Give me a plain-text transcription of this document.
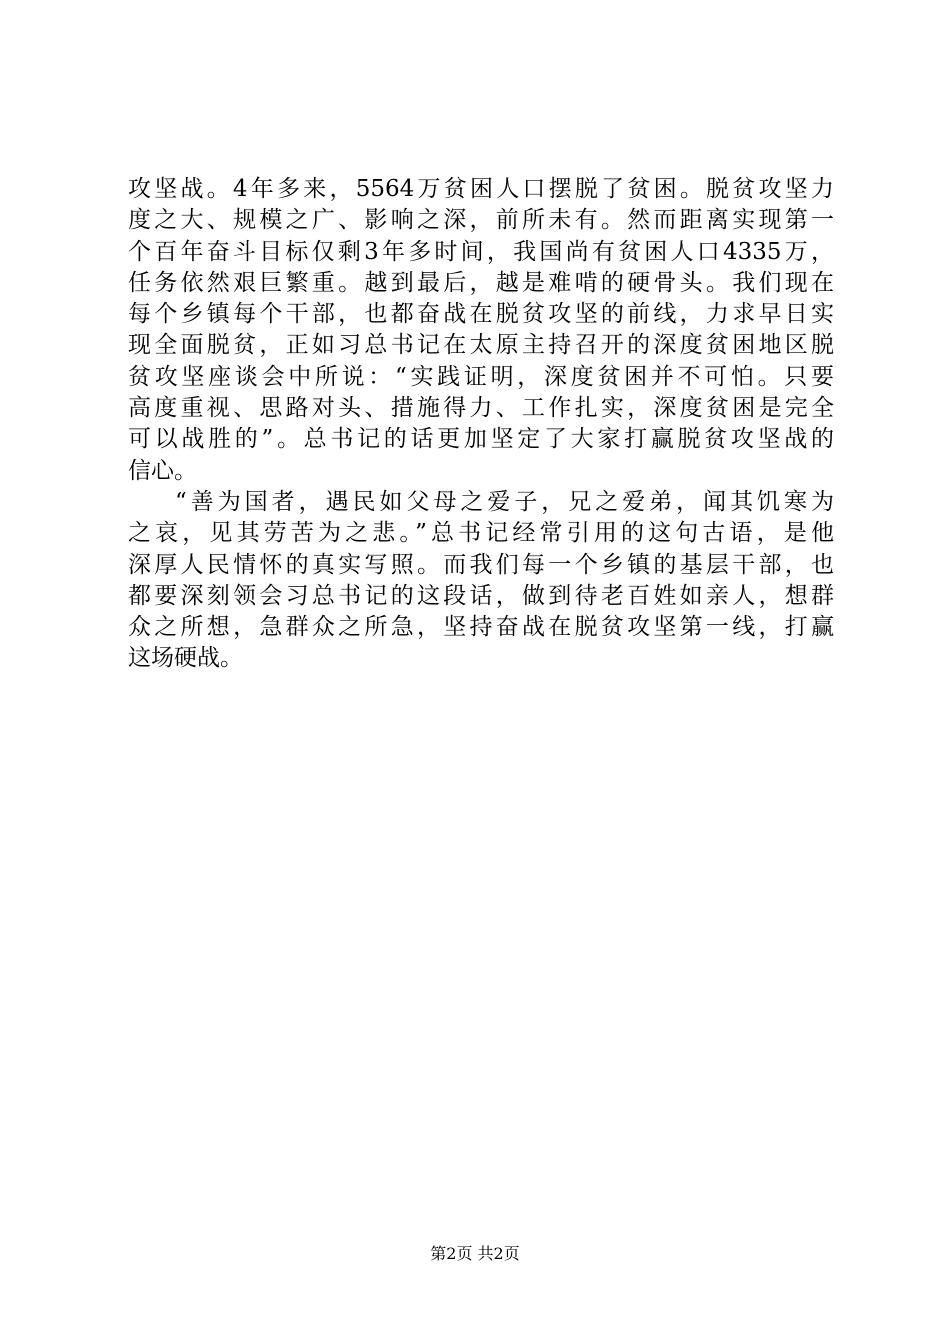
攻坚战。4年多来，5564万贫困人口摆脱了贫困。脱贫攻坚力
度之大、规模之广、影响之深，前所未有。然而距离实现第一
个百年奋斗目标仅剩3年多时间，我国尚有贫困人口4335万，
任务依然艰巨繁重。越到最后，越是难啃的硬骨头。我们现在
每个乡镇每个干部，也都奋战在脱贫攻坚的前线，力求早日实
现全面脱贫，正如习总书记在太原主持召开的深度贫困地区脱
贫攻坚座谈会中所说：“实践证明，深度贫困并不可怕。只要
高度重视、思路对头、措施得力、工作扎实，深度贫困是完全
可以战胜的”。总书记的话更加坚定了大家打赢脱贫攻坚战的
信心。
“善为国者，遇民如父母之爱子，兄之爱弟，闻其饥寒为
之哀，见其劳苦为之悲。”总书记经常引用的这句古语，是他
深厚人民情怀的真实写照。而我们每一个乡镇的基层干部，也
都要深刻领会习总书记的这段话，做到待老百姓如亲人，想群
众之所想，急群众之所急，坚持奋战在脱贫攻坚第一线，打赢
这场硬战。
第2页 共2页
